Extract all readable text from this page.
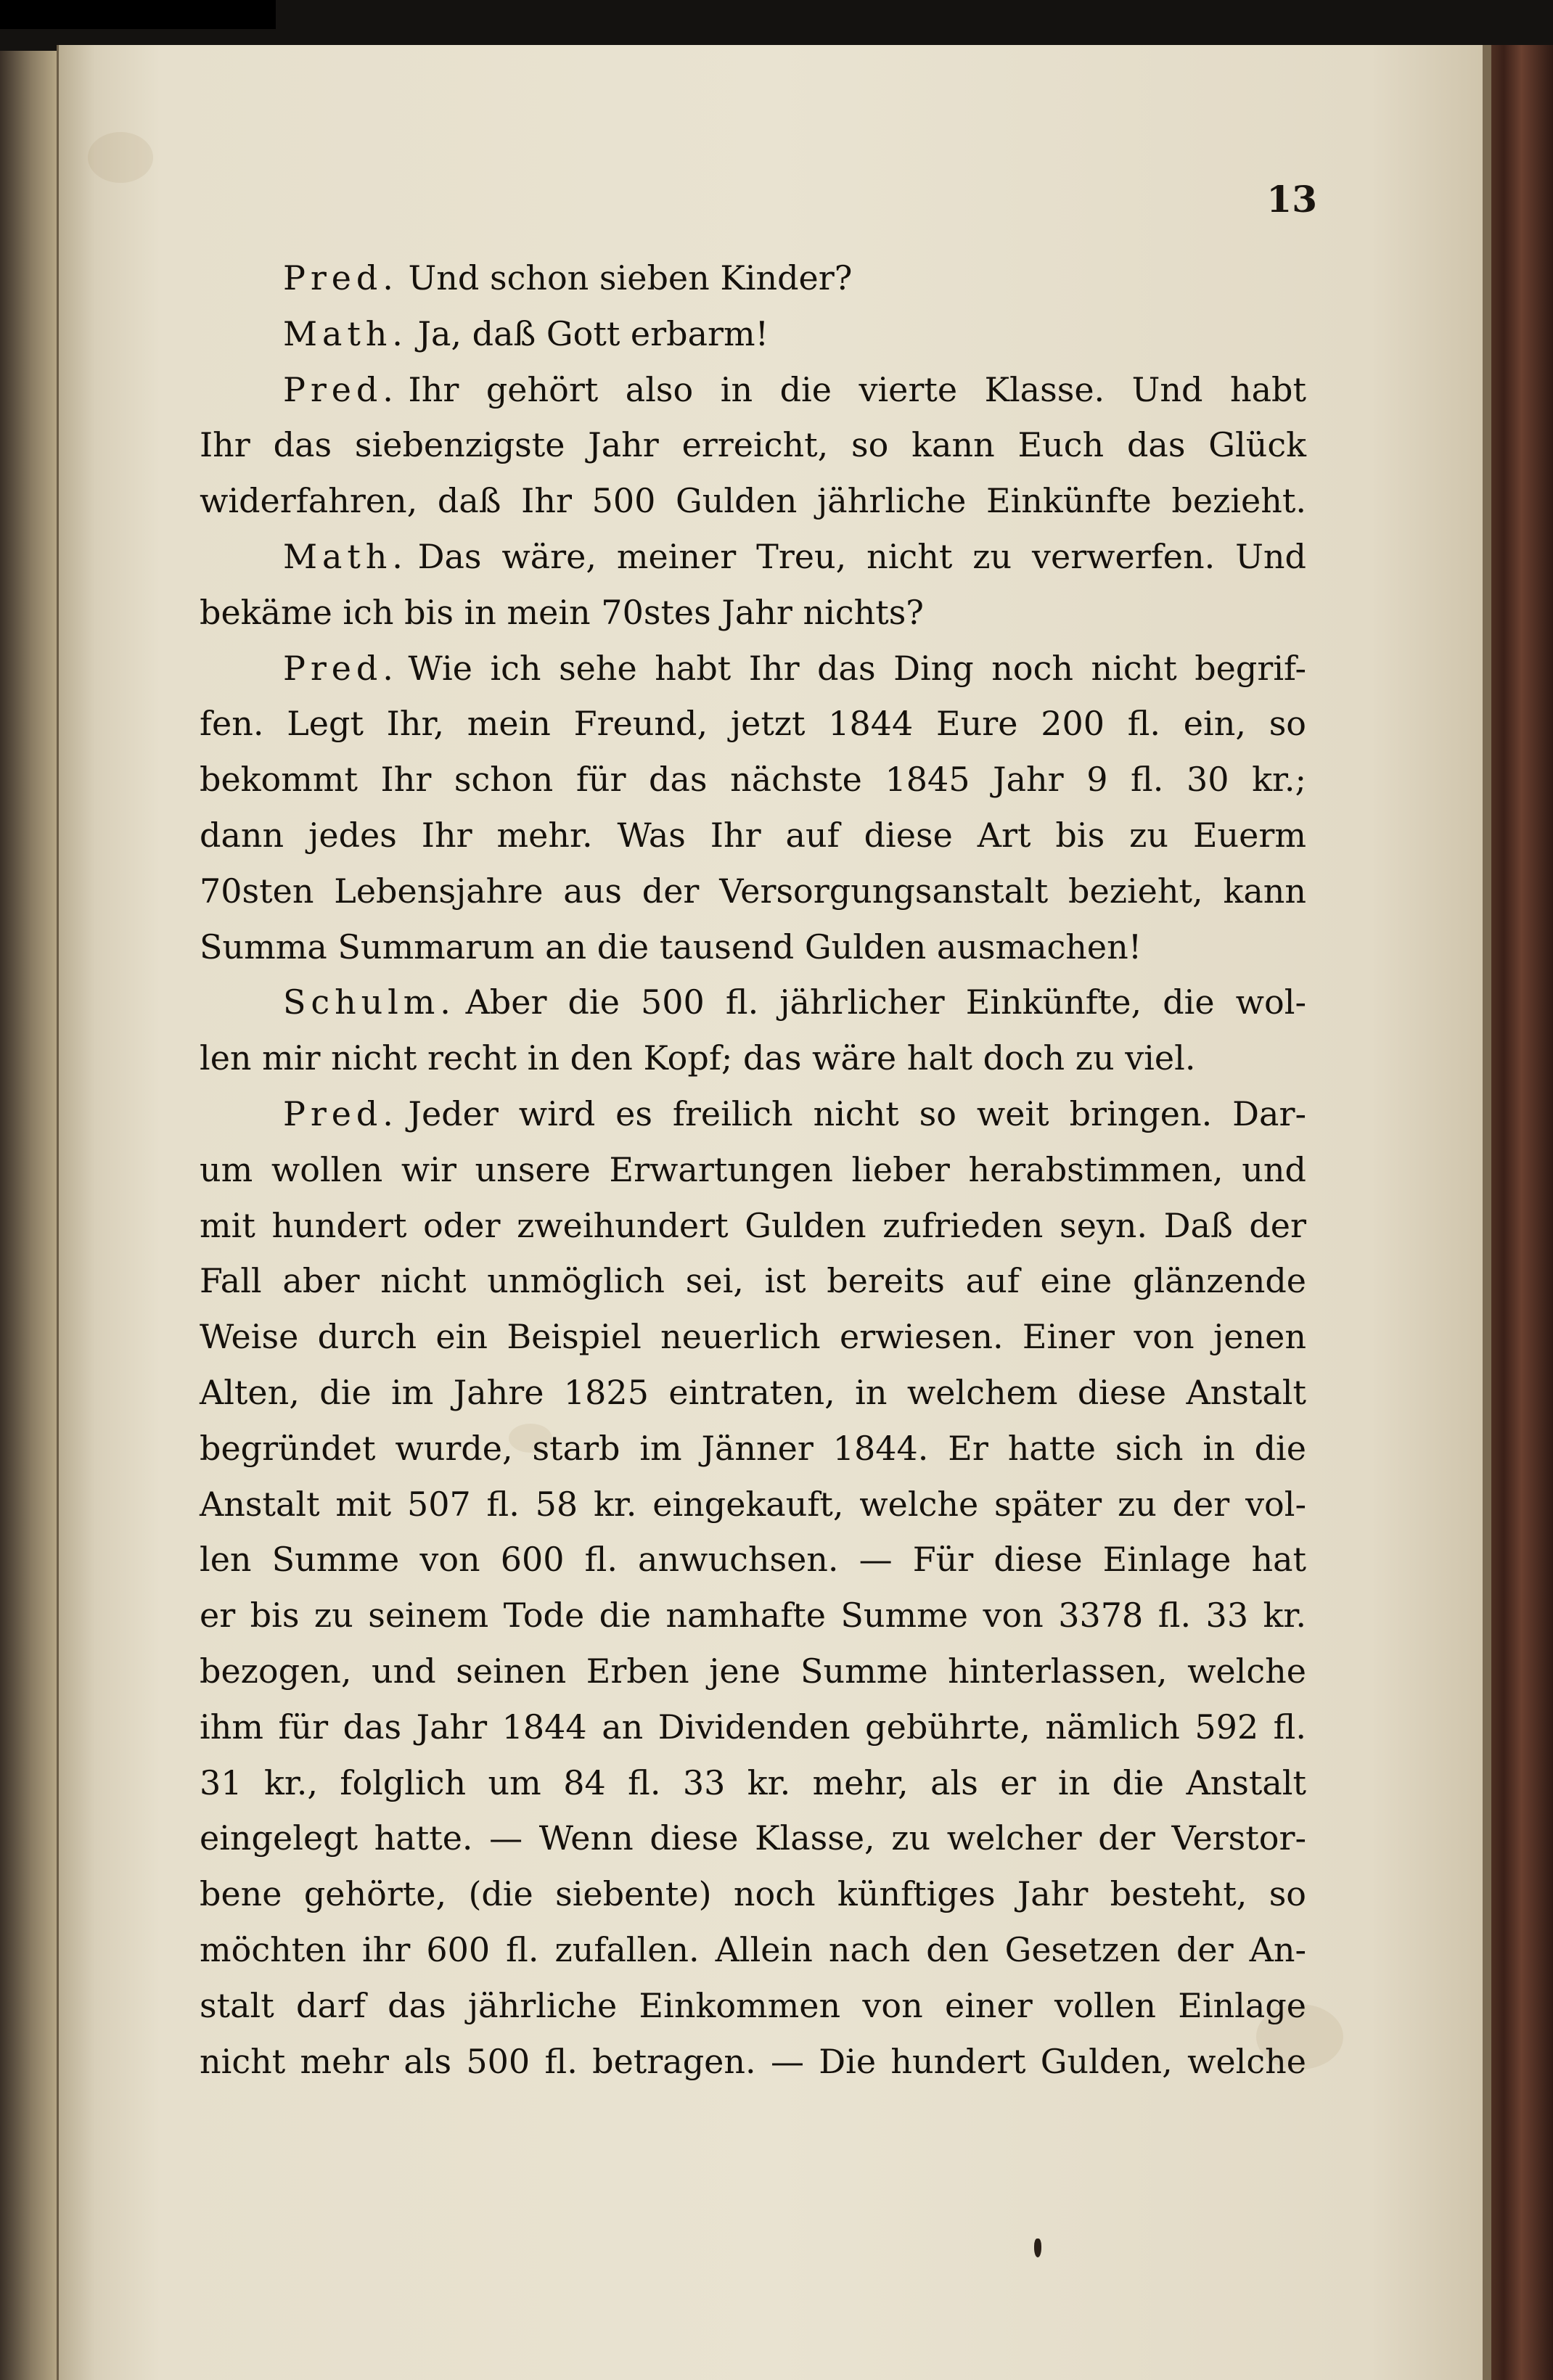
13
Pred. Und schon sieben Kinder?
Math. Ja, daß Gott erbarm!
Pred. Ihr gehört also in die vierte Klasse. Und habt
Ihr das siebenzigste Jahr erreicht, so kann Euch das Glück
widerfahren, daß Ihr 500 Gulden jährliche Einkünfte bezieht.
Math. Das wäre, meiner Treu, nicht zu verwerfen. Und
bekäme ich bis in mein 70stes Jahr nichts?
Pred. Wie ich sehe habt Ihr das Ding noch nicht begrif-
fen. Legt Ihr, mein Freund, jetzt 1844 Eure 200 fl. ein, so
bekommt Ihr schon für das nächste 1845 Jahr 9 fl. 30 kr.;
dann jedes Ihr mehr. Was Ihr auf diese Art bis zu Euerm
70sten Lebensjahre aus der Versorgungsanstalt bezieht, kann
Summa Summarum an die tausend Gulden ausmachen!
Schulm. Aber die 500 fl. jährlicher Einkünfte, die wol-
len mir nicht recht in den Kopf; das wäre halt doch zu viel.
Pred. Jeder wird es freilich nicht so weit bringen. Dar-
um wollen wir unsere Erwartungen lieber herabstimmen, und
mit hundert oder zweihundert Gulden zufrieden seyn. Daß der
Fall aber nicht unmöglich sei, ist bereits auf eine glänzende
Weise durch ein Beispiel neuerlich erwiesen. Einer von jenen
Alten, die im Jahre 1825 eintraten, in welchem diese Anstalt
begründet wurde, starb im Jänner 1844. Er hatte sich in die
Anstalt mit 507 fl. 58 kr. eingekauft, welche später zu der vol-
len Summe von 600 fl. anwuchsen. — Für diese Einlage hat
er bis zu seinem Tode die namhafte Summe von 3378 fl. 33 kr.
bezogen, und seinen Erben jene Summe hinterlassen, welche
ihm für das Jahr 1844 an Dividenden gebührte, nämlich 592 fl.
31 kr., folglich um 84 fl. 33 kr. mehr, als er in die Anstalt
eingelegt hatte. — Wenn diese Klasse, zu welcher der Verstor-
bene gehörte, (die siebente) noch künftiges Jahr besteht, so
möchten ihr 600 fl. zufallen. Allein nach den Gesetzen der An-
stalt darf das jährliche Einkommen von einer vollen Einlage
nicht mehr als 500 fl. betragen. — Die hundert Gulden, welche
